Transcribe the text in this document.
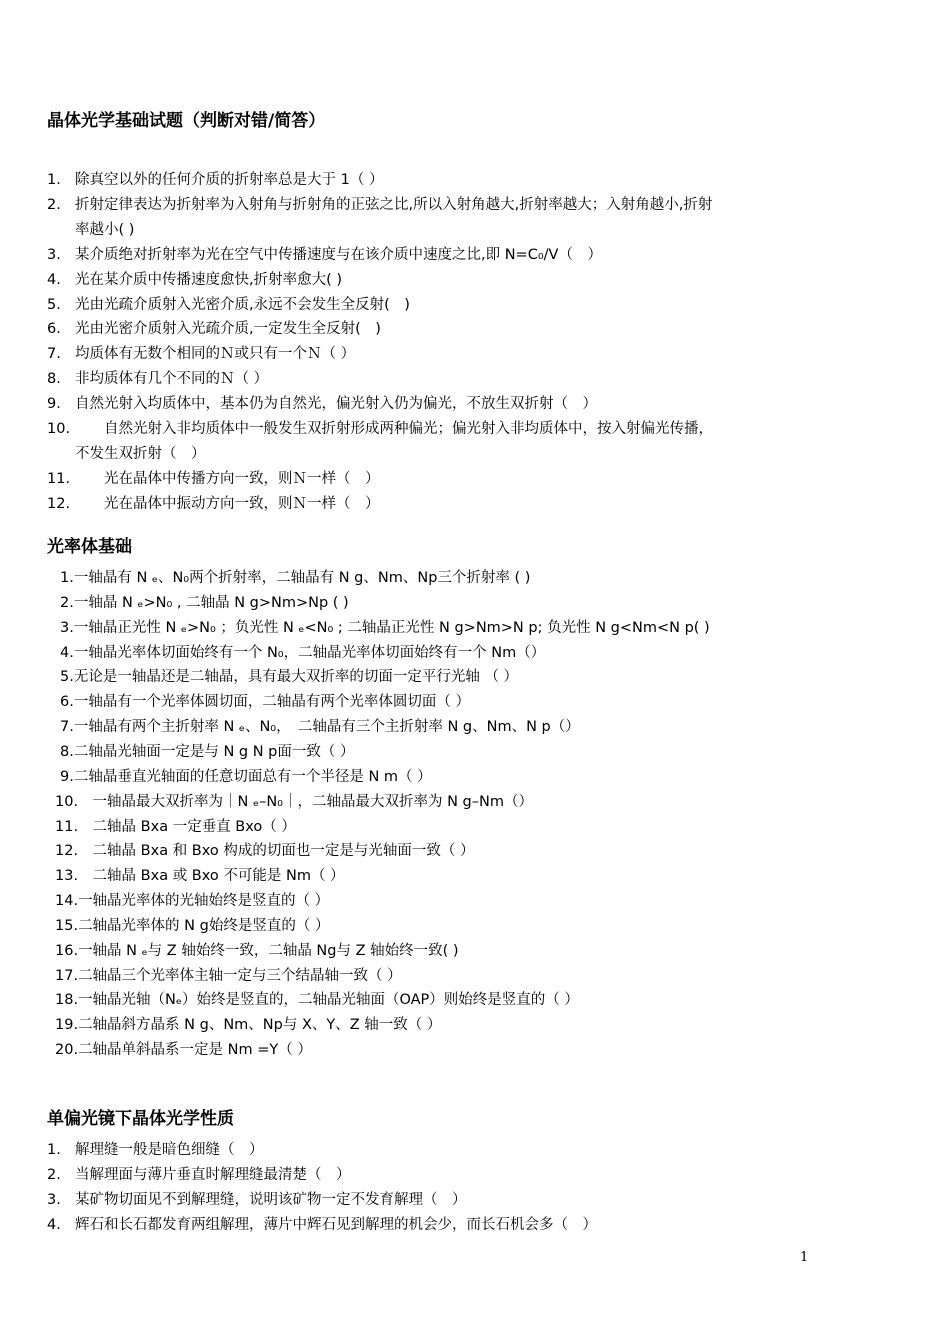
晶体光学基础试题（判断对错/简答）
1. 除真空以外的任何介质的折射率总是大于 1（ ）
2. 折射定律表达为折射率为入射角与折射角的正弦之比,所以入射角越大,折射率越大；入射角越小,折射
率越小( )
3. 某介质绝对折射率为光在空气中传播速度与在该介质中速度之比,即 N=C₀/V（　）
4. 光在某介质中传播速度愈快,折射率愈大( )
5. 光由光疏介质射入光密介质,永远不会发生全反射(　)
6. 光由光密介质射入光疏介质,一定发生全反射(　)
7. 均质体有无数个相同的Ｎ或只有一个Ｎ（ ）
8. 非均质体有几个不同的Ｎ（ ）
9. 自然光射入均质体中，基本仍为自然光，偏光射入仍为偏光，不放生双折射（　）
10. 　　自然光射入非均质体中一般发生双折射形成两种偏光；偏光射入非均质体中，按入射偏光传播，
不发生双折射（　）
11. 　　光在晶体中传播方向一致，则Ｎ一样（　）
12. 　　光在晶体中振动方向一致，则Ｎ一样（　）
光率体基础
1.一轴晶有 N ₑ、N₀两个折射率，二轴晶有 N g、Nm、Np三个折射率 ( )
2.一轴晶 N ₑ>N₀ , 二轴晶 N g>Nm>Np ( )
3.一轴晶正光性 N ₑ>N₀ ；负光性 N ₑ<N₀ ; 二轴晶正光性 N g>Nm>N p; 负光性 N g<Nm<N p( )
4.一轴晶光率体切面始终有一个 N₀，二轴晶光率体切面始终有一个 Nm（）
5.无论是一轴晶还是二轴晶，具有最大双折率的切面一定平行光轴 （ ）
6.一轴晶有一个光率体圆切面，二轴晶有两个光率体圆切面（ ）
7.一轴晶有两个主折射率 N ₑ、N₀，　二轴晶有三个主折射率 N g、Nm、N p（）
8.二轴晶光轴面一定是与 N g N p面一致（ ）
9.二轴晶垂直光轴面的任意切面总有一个半径是 N m（ ）
10.　一轴晶最大双折率为｜N ₑ–N₀｜，二轴晶最大双折率为 N g–Nm（）
11.　二轴晶 Bxa 一定垂直 Bxo（ ）
12.　二轴晶 Bxa 和 Bxo 构成的切面也一定是与光轴面一致（ ）
13.　二轴晶 Bxa 或 Bxo 不可能是 Nm（ ）
14.一轴晶光率体的光轴始终是竖直的（ ）
15.二轴晶光率体的 N g始终是竖直的（ ）
16.一轴晶 N ₑ与 Z 轴始终一致，二轴晶 Ng与 Z 轴始终一致( )
17.二轴晶三个光率体主轴一定与三个结晶轴一致（ ）
18.一轴晶光轴（Nₑ）始终是竖直的，二轴晶光轴面（OAP）则始终是竖直的（ ）
19.二轴晶斜方晶系 N g、Nm、Np与 X、Y、Z 轴一致（ ）
20.二轴晶单斜晶系一定是 Nm =Y（ ）
单偏光镜下晶体光学性质
1. 解理缝一般是暗色细缝（　）
2. 当解理面与薄片垂直时解理缝最清楚（　）
3. 某矿物切面见不到解理缝，说明该矿物一定不发育解理（　）
4. 辉石和长石都发育两组解理，薄片中辉石见到解理的机会少，而长石机会多（　）
1
